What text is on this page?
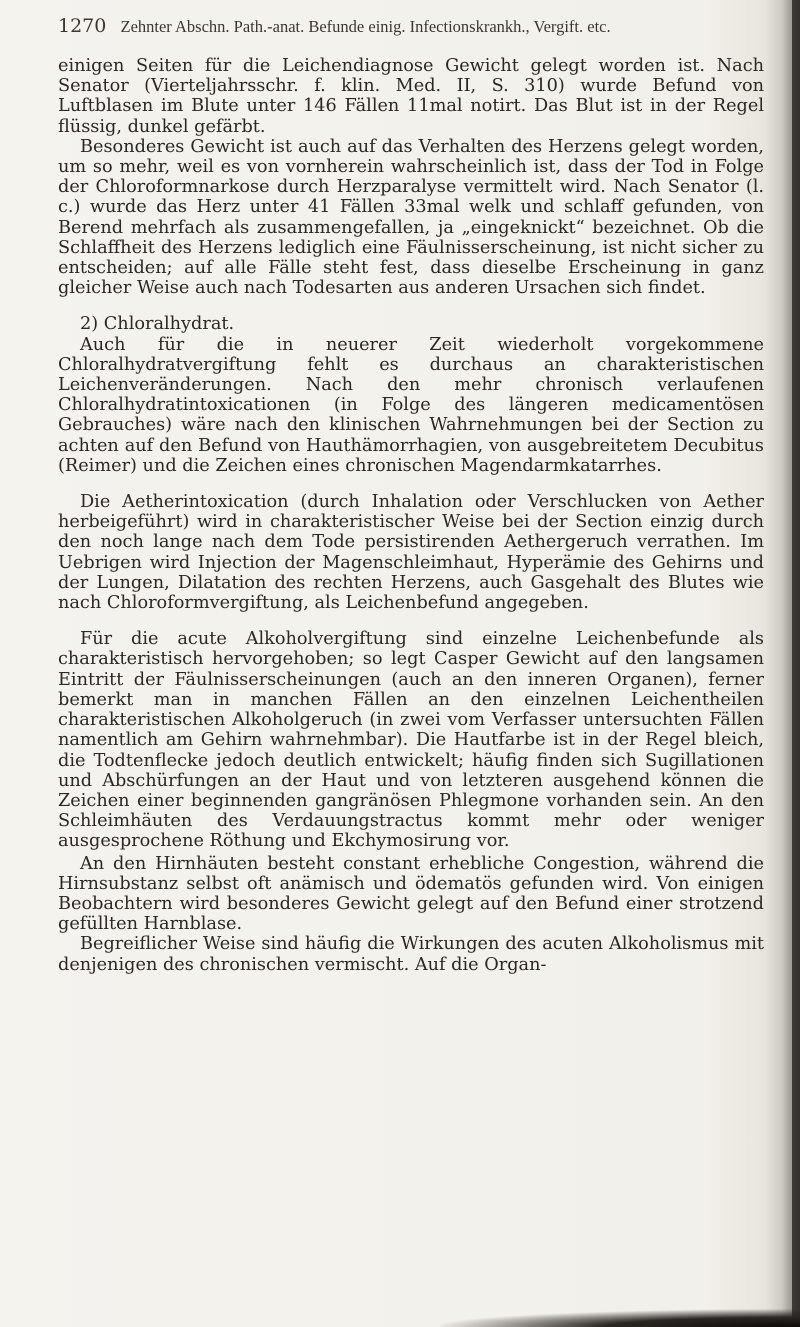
1270 Zehnter Abschn. Path.-anat. Befunde einig. Infectionskrankh., Vergift. etc.

einigen Seiten für die Leichendiagnose Gewicht gelegt worden ist. Nach Senator (Vierteljahrsschr. f. klin. Med. II, S. 310) wurde Befund von Luftblasen im Blute unter 146 Fällen 11mal notirt. Das Blut ist in der Regel flüssig, dunkel gefärbt.

Besonderes Gewicht ist auch auf das Verhalten des Herzens gelegt worden, um so mehr, weil es von vornherein wahrscheinlich ist, dass der Tod in Folge der Chloroformnarkose durch Herzparalyse vermittelt wird. Nach Senator (l. c.) wurde das Herz unter 41 Fällen 33mal welk und schlaff gefunden, von Berend mehrfach als zusammengefallen, ja „eingeknickt“ bezeichnet. Ob die Schlaffheit des Herzens lediglich eine Fäulnisserscheinung, ist nicht sicher zu entscheiden; auf alle Fälle steht fest, dass dieselbe Erscheinung in ganz gleicher Weise auch nach Todesarten aus anderen Ursachen sich findet.

2) Chloralhydrat.

Auch für die in neuerer Zeit wiederholt vorgekommene Chloralhydratvergiftung fehlt es durchaus an charakteristischen Leichenveränderungen. Nach den mehr chronisch verlaufenen Chloralhydratintoxicationen (in Folge des längeren medicamentösen Gebrauches) wäre nach den klinischen Wahrnehmungen bei der Section zu achten auf den Befund von Hauthämorrhagien, von ausgebreitetem Decubitus (Reimer) und die Zeichen eines chronischen Magendarmkatarrhes.

Die Aetherintoxication (durch Inhalation oder Verschlucken von Aether herbeigeführt) wird in charakteristischer Weise bei der Section einzig durch den noch lange nach dem Tode persistirenden Aethergeruch verrathen. Im Uebrigen wird Injection der Magenschleimhaut, Hyperämie des Gehirns und der Lungen, Dilatation des rechten Herzens, auch Gasgehalt des Blutes wie nach Chloroformvergiftung, als Leichenbefund angegeben.

Für die acute Alkoholvergiftung sind einzelne Leichenbefunde als charakteristisch hervorgehoben; so legt Casper Gewicht auf den langsamen Eintritt der Fäulnisserscheinungen (auch an den inneren Organen), ferner bemerkt man in manchen Fällen an den einzelnen Leichentheilen charakteristischen Alkoholgeruch (in zwei vom Verfasser untersuchten Fällen namentlich am Gehirn wahrnehmbar). Die Hautfarbe ist in der Regel bleich, die Todtenflecke jedoch deutlich entwickelt; häufig finden sich Sugillationen und Abschürfungen an der Haut und von letzteren ausgehend können die Zeichen einer beginnenden gangränösen Phlegmone vorhanden sein. An den Schleimhäuten des Verdauungstractus kommt mehr oder weniger ausgesprochene Röthung und Ekchymosirung vor.

An den Hirnhäuten besteht constant erhebliche Congestion, während die Hirnsubstanz selbst oft anämisch und ödematös gefunden wird. Von einigen Beobachtern wird besonderes Gewicht gelegt auf den Befund einer strotzend gefüllten Harnblase.

Begreiflicher Weise sind häufig die Wirkungen des acuten Alkoholismus mit denjenigen des chronischen vermischt. Auf die Organ-
